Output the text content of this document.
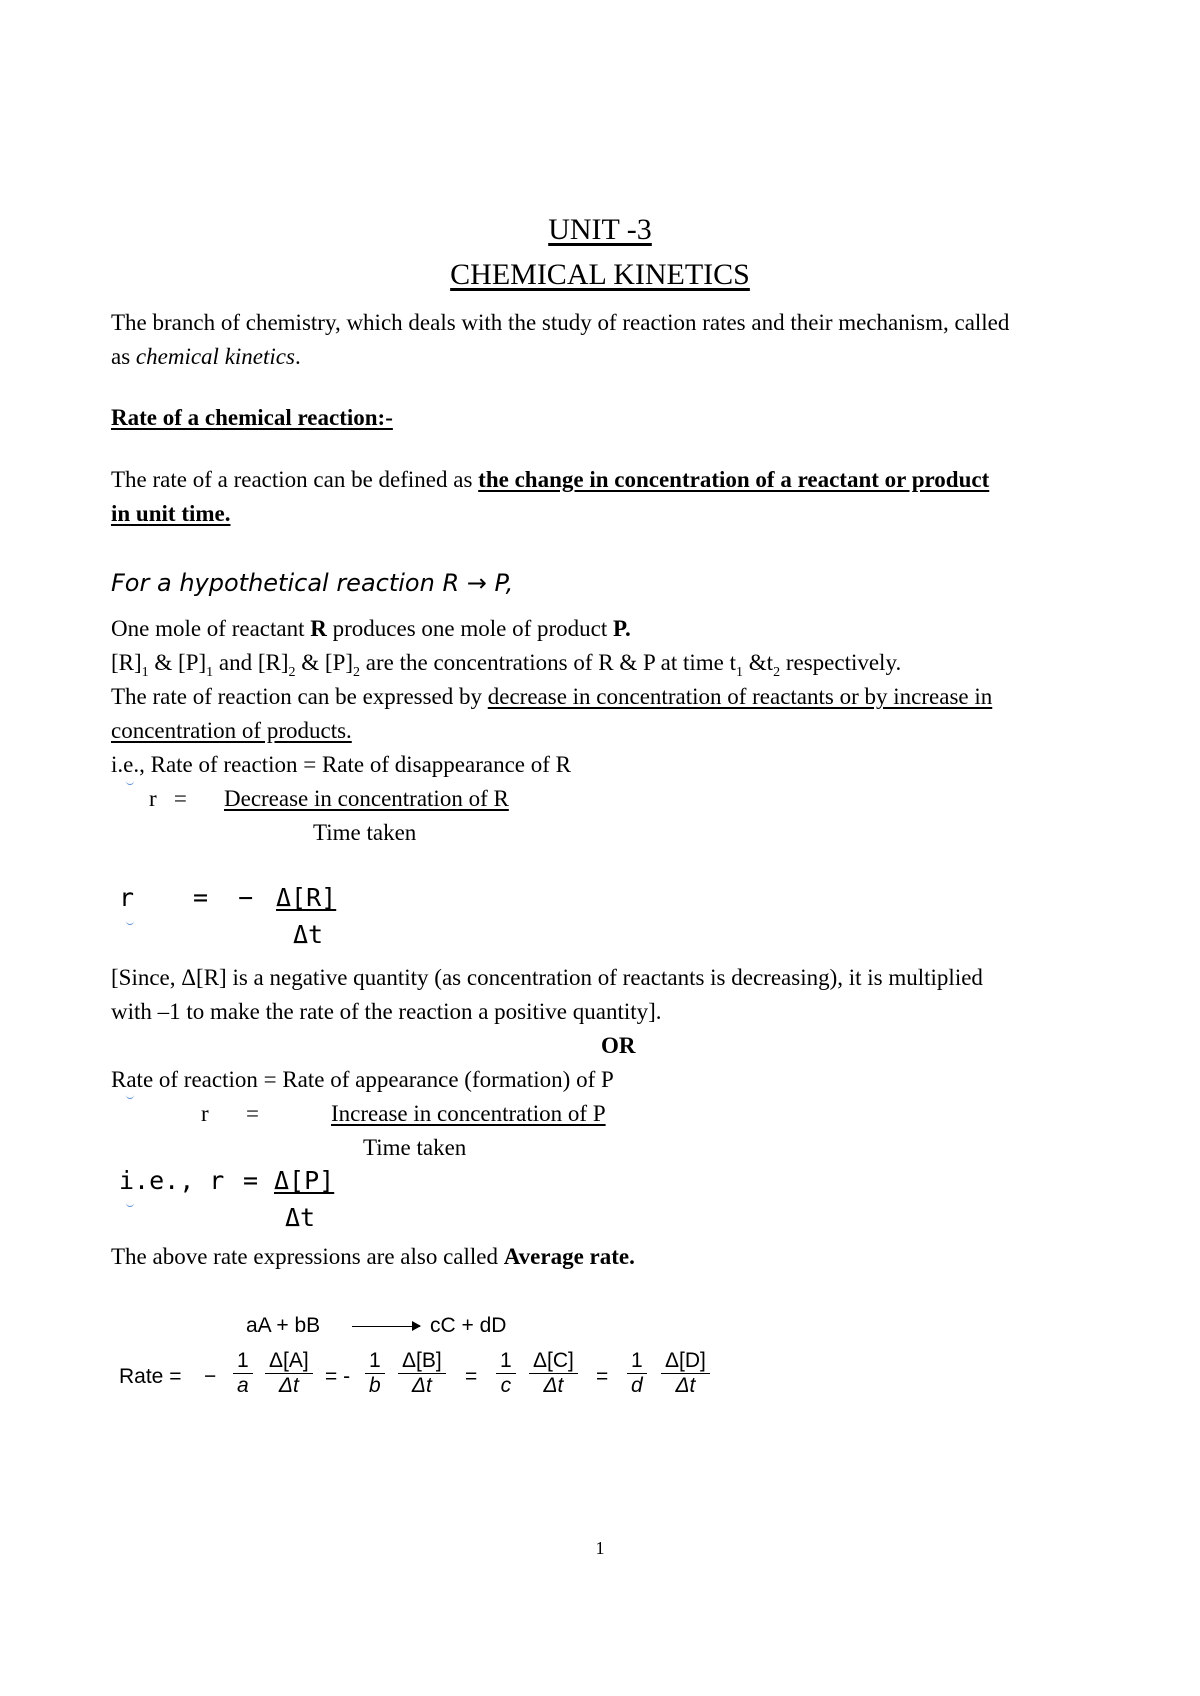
UNIT -3
CHEMICAL KINETICS
The branch of chemistry, which deals with the study of reaction rates and their mechanism, called
as chemical kinetics.
Rate of a chemical reaction:-
The rate of a reaction can be defined as the change in concentration of a reactant or product
in unit time.
For a hypothetical reaction R → P,
One mole of reactant R produces one mole of product P.
$[R]_1$ & $[P]_1$ and $[R]_2$ & $[P]_2$ are the concentrations of R & P at time $t_1$ $\&t_2$ respectively.
The rate of reaction can be expressed by decrease in concentration of reactants or by increase in
concentration of products.
i.e., Rate of reaction = Rate of disappearance of R
r   = Decrease in concentration of R
Time taken
r =  − Δ[R]
Δt
[Since, Δ[R] is a negative quantity (as concentration of reactants is decreasing), it is multiplied
with –1 to make the rate of the reaction a positive quantity].
OR
Rate of reaction = Rate of appearance (formation) of P
r =	Increase in concentration of P
Time taken
i.e., r = Δ[P]
Δt
The above rate expressions are also called Average rate.
aA + bB	cC + dD
Rate = − $\frac{1}{a} \frac{\Delta[A]}{\Delta t}$ = - $\frac{1}{b} \frac{\Delta[B]}{\Delta t} = \frac{1}{c} \frac{\Delta[C]}{\Delta t} = \frac{1}{d} \frac{\Delta[D]}{\Delta t}$
1
